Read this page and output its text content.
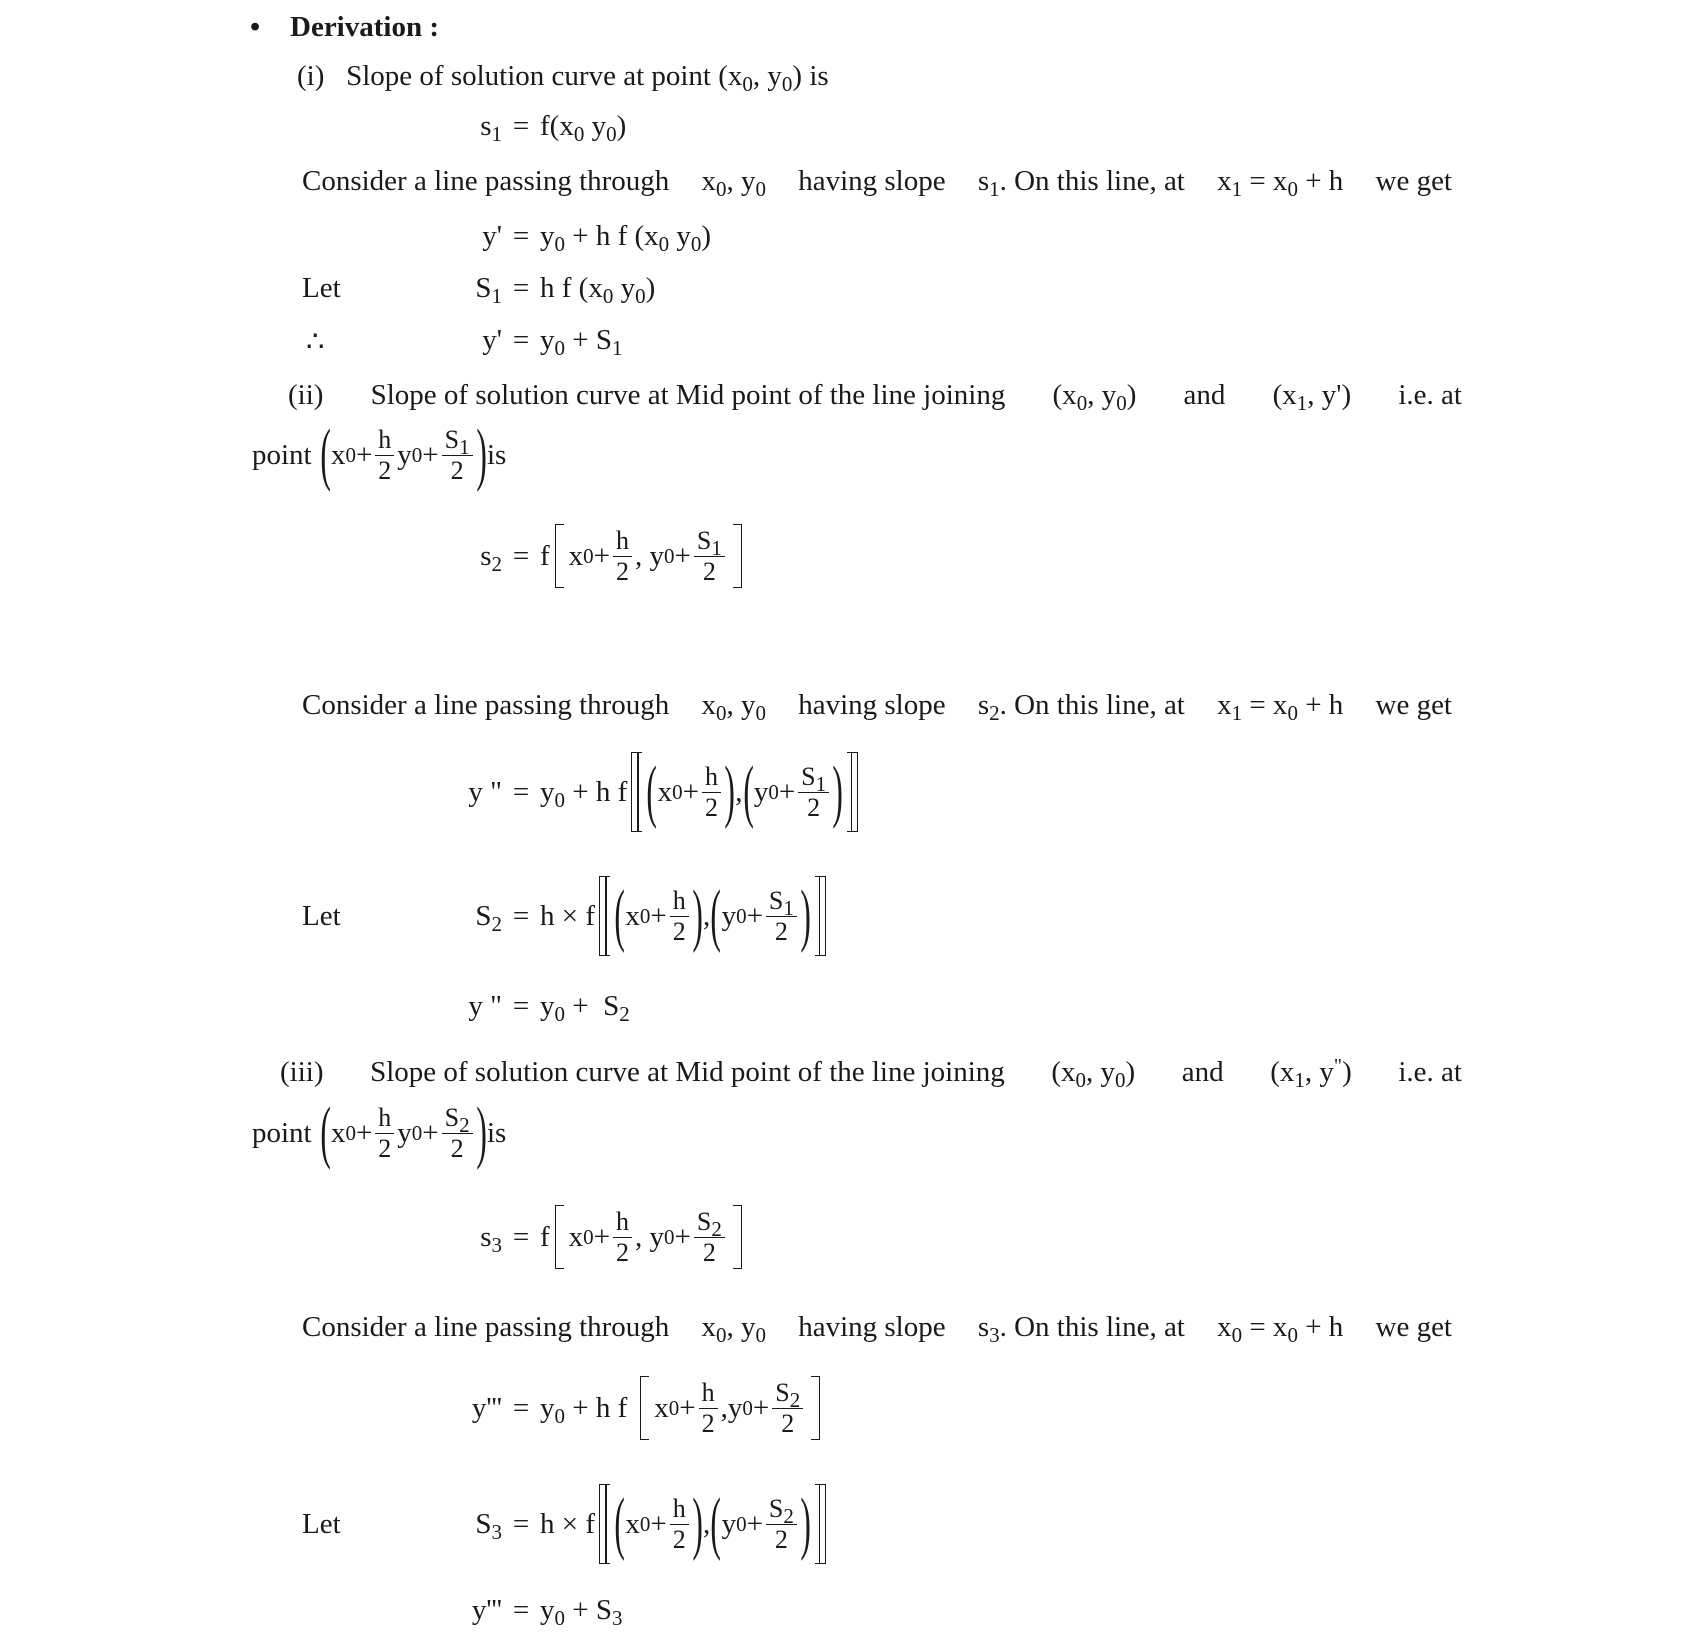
• Derivation :
(i) Slope of solution curve at point ($x_0$, $y_0$) is
$s_1 = f(x_0$ $y_0$)
Consider a line passing through $x_0$, $y_0$ having slope $s_1$. On this line, at $x_1 = x_0 + h$ we get
$y' = y_0 + h$ f ($x_0$ $y_0$)
Let	$S_1 = h$ f ($x_0$ $y_0$)
∴	$y' = y_0 + S_1$
(ii) Slope of solution curve at Mid point of the line joining ($x_0$, $y_0$) and ($x_1$, y') i.e. at
point ( x 0 + h
2 y $0 + S_1$
2 ) is
$s_2 = f$ x 0 + h
2 , y $0 + S_1$
2
Consider a line passing through $x_0$, $y_0$ having slope $s_2$. On this line, at $x_1 = x_0 + h$ we get
y " = $y_0 + h$ f ( x 0 + h
2 ) , ( y $0 + S_1$
2 )
Let	$S_2 = h \times f$ ( x 0 + h
2 ) , ( y $0 + S_1$
2 )
y " = $y_0 + S_2$
(iii) Slope of solution curve at Mid point of the line joining ($x_0$, $y_0$) and ($x_1$, y") i.e. at
point ( x 0 + h
2 y $0 + S_2$
2 ) is
$s_3 = f$ x 0 + h
2 , y $0 + S_2$
2
Consider a line passing through $x_0$, $y_0$ having slope $s_3$. On this line, at $x_0 = x_0 + h$ we get
$y''' = y_0 + h$ f x 0 + h
2 ,y $0 + S_2$
2
Let	$S_3 = h \times f$ ( x 0 + h
2 ) , ( y $0 + S_2$
2 )
$y''' = y_0 + S_3$
